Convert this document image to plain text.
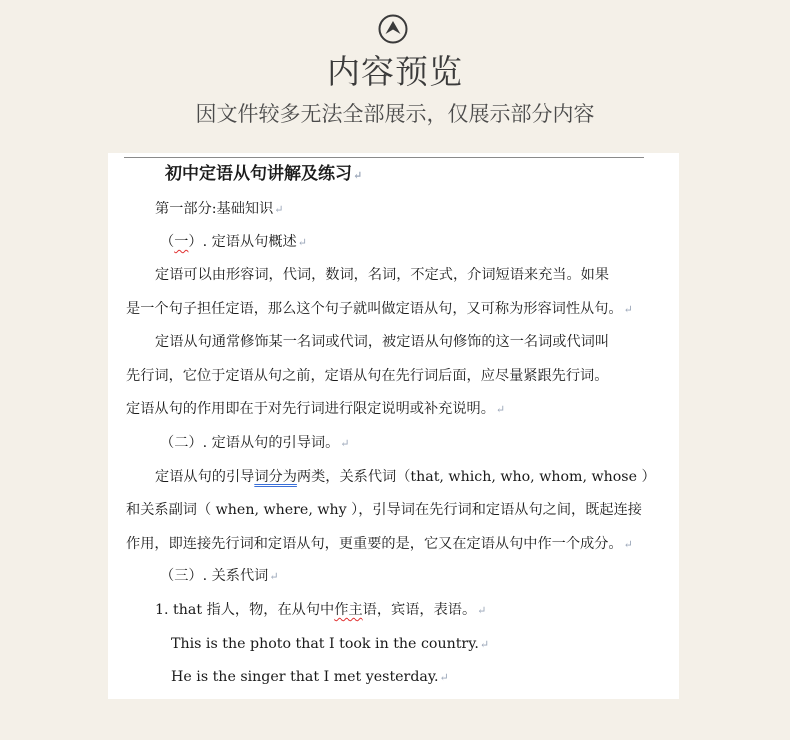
内容预览
因文件较多无法全部展示，仅展示部分内容
初中定语从句讲解及练习↵
第一部分:基础知识↵
（一）. 定语从句概述↵
定语可以由形容词，代词，数词，名词，不定式，介词短语来充当。如果
是一个句子担任定语，那么这个句子就叫做定语从句，又可称为形容词性从句。↵
定语从句通常修饰某一名词或代词，被定语从句修饰的这一名词或代词叫
先行词，它位于定语从句之前，定语从句在先行词后面，应尽量紧跟先行词。
定语从句的作用即在于对先行词进行限定说明或补充说明。↵
（二）. 定语从句的引导词。↵
定语从句的引导词分为两类，关系代词（that, which, who, whom, whose ）
和关系副词（ when, where, why ），引导词在先行词和定语从句之间，既起连接
作用，即连接先行词和定语从句，更重要的是，它又在定语从句中作一个成分。↵
（三）. 关系代词↵
1. that 指人，物，在从句中作主语，宾语，表语。↵
This is the photo that I took in the country.↵
He is the singer that I met yesterday.↵
